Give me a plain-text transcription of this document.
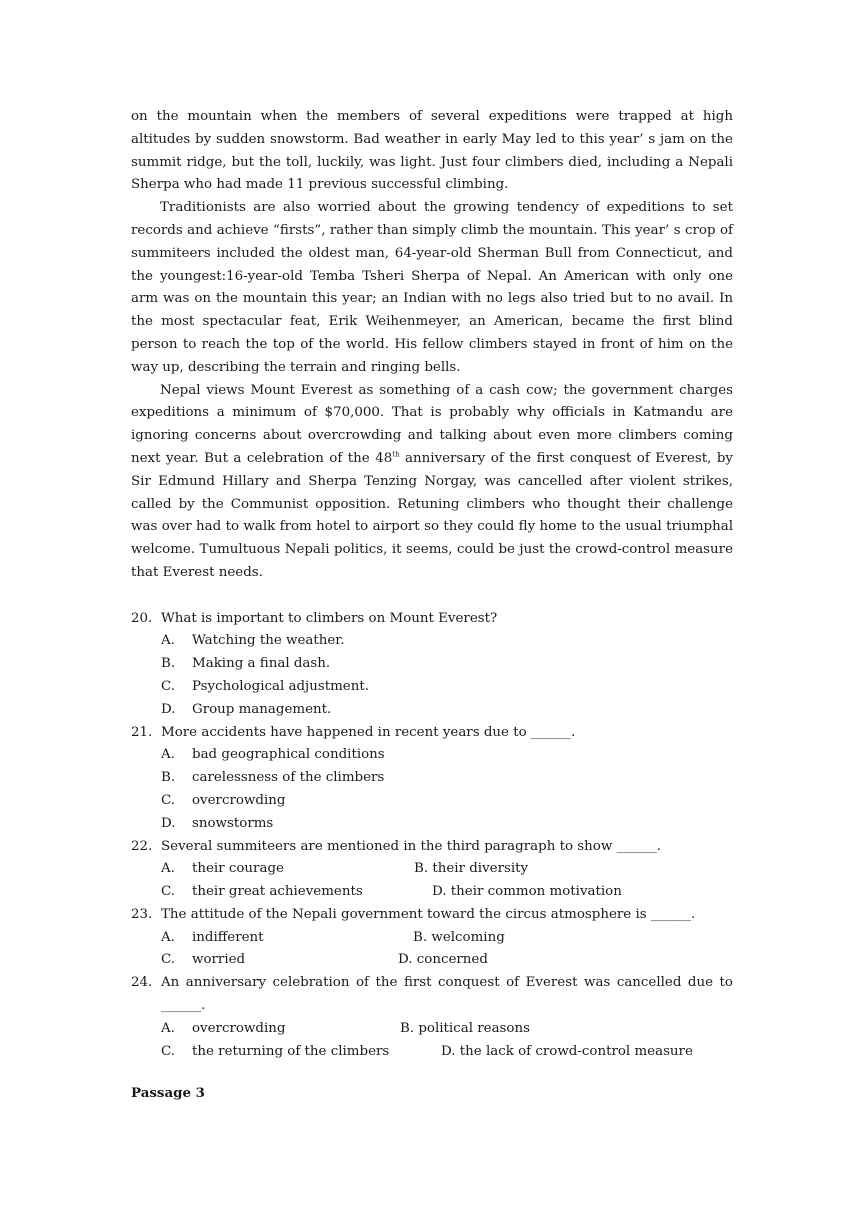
on the mountain when the members of several expeditions were trapped at high altitudes by sudden snowstorm. Bad weather in early May led to this year’ s jam on the summit ridge, but the toll, luckily, was light. Just four climbers died, including a Nepali Sherpa who had made 11 previous successful climbing.

Traditionists are also worried about the growing tendency of expeditions to set records and achieve “firsts”, rather than simply climb the mountain. This year’ s crop of summiteers included the oldest man, 64-year-old Sherman Bull from Connecticut, and the youngest:16-year-old Temba Tsheri Sherpa of Nepal. An American with only one arm was on the mountain this year; an Indian with no legs also tried but to no avail. In the most spectacular feat, Erik Weihenmeyer, an American, became the first blind person to reach the top of the world. His fellow climbers stayed in front of him on the way up, describing the terrain and ringing bells.

Nepal views Mount Everest as something of a cash cow; the government charges expeditions a minimum of $70,000. That is probably why officials in Katmandu are ignoring concerns about overcrowding and talking about even more climbers coming next year. But a celebration of the 48th anniversary of the first conquest of Everest, by Sir Edmund Hillary and Sherpa Tenzing Norgay, was cancelled after violent strikes, called by the Communist opposition. Retuning climbers who thought their challenge was over had to walk from hotel to airport so they could fly home to the usual triumphal welcome. Tumultuous Nepali politics, it seems, could be just the crowd-control measure that Everest needs.

20. What is important to climbers on Mount Everest?

A.	Watching the weather.

B.	Making a final dash.

C.	Psychological adjustment.

D.	Group management.

21. More accidents have happened in recent years due to ______.

A.	bad geographical conditions

B.	carelessness of the climbers

C.	overcrowding

D.	snowstorms

22. Several summiteers are mentioned in the third paragraph to show ______.

A. their courage	B. their diversity
C. their great achievements	D. their common motivation

23. The attitude of the Nepali government toward the circus atmosphere is ______.

A. indifferent	B. welcoming
C. worried	D. concerned

24. An anniversary celebration of the first conquest of Everest was cancelled due to ______.

A. overcrowding	B. political reasons
C. the returning of the climbers	D. the lack of crowd-control measure
Passage 3
